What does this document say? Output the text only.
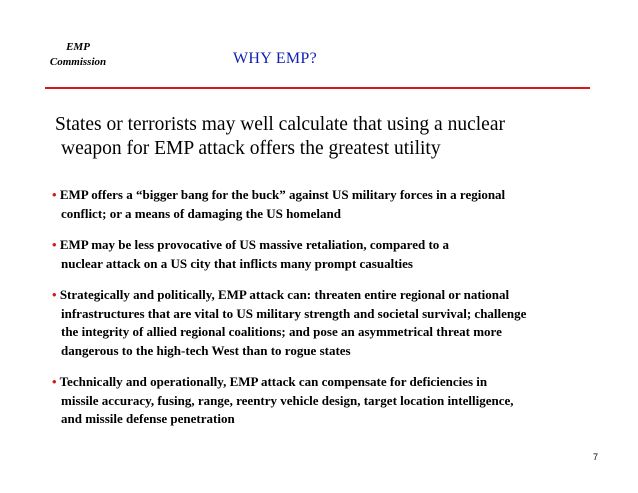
EMP
Commission	WHY EMP?
States or terrorists may well calculate that using a nuclear
weapon for EMP attack offers the greatest utility
• EMP offers a “bigger bang for the buck” against US military forces in a regional
conflict; or a means of damaging the US homeland
• EMP may be less provocative of US massive retaliation, compared to a
nuclear attack on a US city that inflicts many prompt casualties
• Strategically and politically, EMP attack can: threaten entire regional or national
infrastructures that are vital to US military strength and societal survival; challenge
the integrity of allied regional coalitions; and pose an asymmetrical threat more
dangerous to the high-tech West than to rogue states
• Technically and operationally, EMP attack can compensate for deficiencies in
missile accuracy, fusing, range, reentry vehicle design, target location intelligence,
and missile defense penetration
7
